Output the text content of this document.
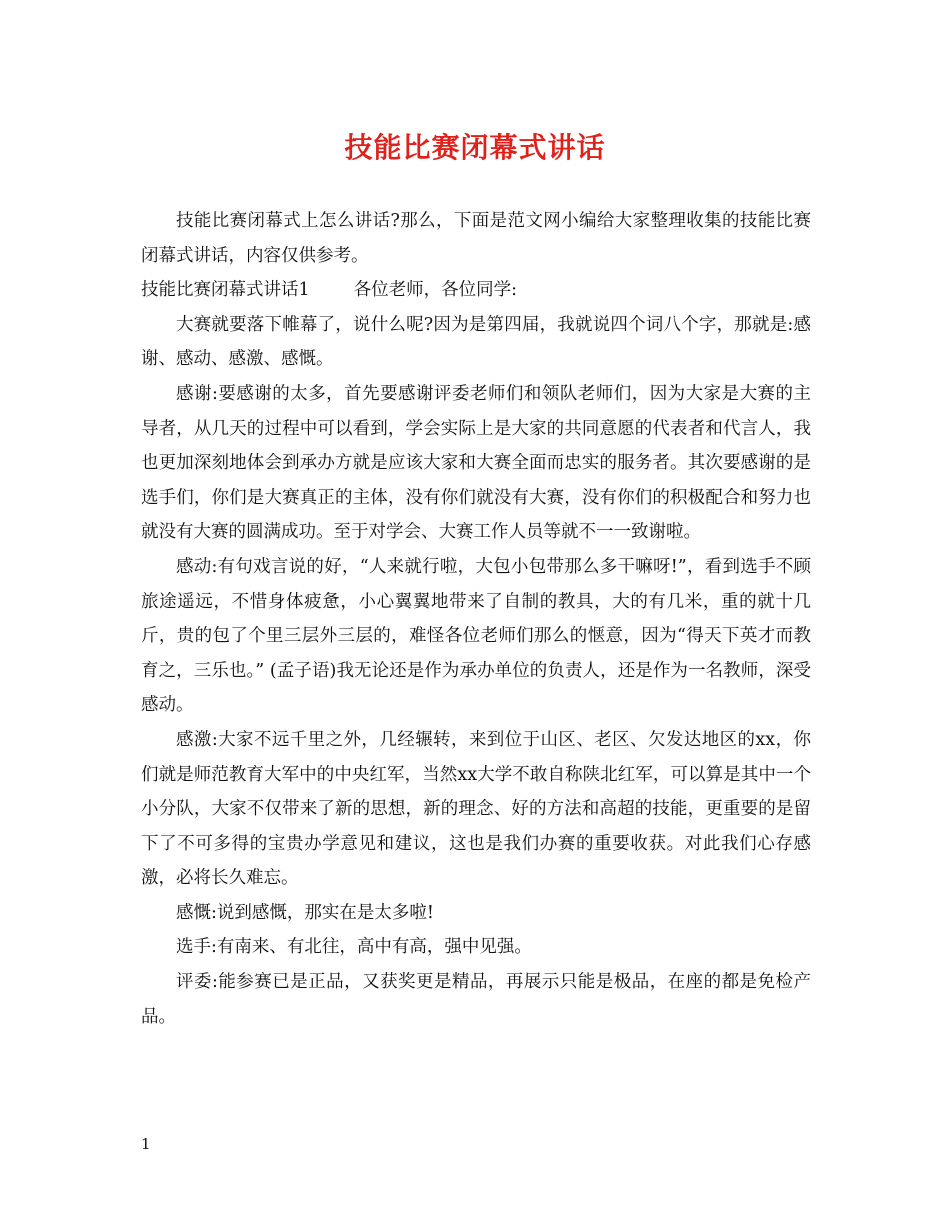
技能比赛闭幕式讲话

技能比赛闭幕式上怎么讲话?那么，下面是范文网小编给大家整理收集的技能比赛闭幕式讲话，内容仅供参考。

技能比赛闭幕式讲话1	各位老师，各位同学:

大赛就要落下帷幕了，说什么呢?因为是第四届，我就说四个词八个字，那就是:感谢、感动、感激、感慨。

感谢:要感谢的太多，首先要感谢评委老师们和领队老师们，因为大家是大赛的主导者，从几天的过程中可以看到，学会实际上是大家的共同意愿的代表者和代言人，我也更加深刻地体会到承办方就是应该大家和大赛全面而忠实的服务者。其次要感谢的是选手们，你们是大赛真正的主体，没有你们就没有大赛，没有你们的积极配合和努力也就没有大赛的圆满成功。至于对学会、大赛工作人员等就不一一致谢啦。

感动:有句戏言说的好，“人来就行啦，大包小包带那么多干嘛呀!”，看到选手不顾旅途遥远，不惜身体疲惫，小心翼翼地带来了自制的教具，大的有几米，重的就十几斤，贵的包了个里三层外三层的，难怪各位老师们那么的惬意，因为“得天下英才而教育之，三乐也。” (孟子语)我无论还是作为承办单位的负责人，还是作为一名教师，深受感动。

感激:大家不远千里之外，几经辗转，来到位于山区、老区、欠发达地区的xx，你们就是师范教育大军中的中央红军，当然xx大学不敢自称陕北红军，可以算是其中一个小分队，大家不仅带来了新的思想，新的理念、好的方法和高超的技能，更重要的是留下了不可多得的宝贵办学意见和建议，这也是我们办赛的重要收获。对此我们心存感激，必将长久难忘。

感慨:说到感慨，那实在是太多啦!

选手:有南来、有北往，高中有高，强中见强。

评委:能参赛已是正品，又获奖更是精品，再展示只能是极品，在座的都是免检产品。

1
